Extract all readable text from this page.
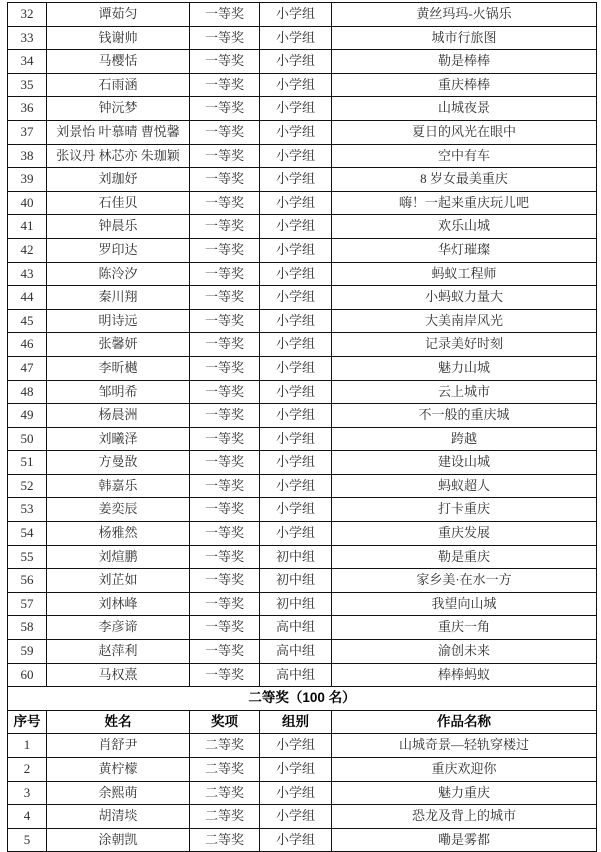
32	谭茹匀	一等奖	小学组	黄丝玛玛-火锅乐
33	钱谢帅	一等奖	小学组	城市行旅图
34	马樱恬	一等奖	小学组	勒是棒棒
35	石雨涵	一等奖	小学组	重庆棒棒
36	钟沅梦	一等奖	小学组	山城夜景
37	刘景怡 叶慕晴 曹悦馨	一等奖	小学组	夏日的风光在眼中
38	张议丹 林芯亦 朱珈颖	一等奖	小学组	空中有车
39	刘珈妤	一等奖	小学组	8 岁女最美重庆
40	石佳贝	一等奖	小学组	嗨！一起来重庆玩儿吧
41	钟晨乐	一等奖	小学组	欢乐山城
42	罗印达	一等奖	小学组	华灯璀璨
43	陈泠汐	一等奖	小学组	蚂蚁工程师
44	秦川翔	一等奖	小学组	小蚂蚁力量大
45	明诗远	一等奖	小学组	大美南岸风光
46	张馨妍	一等奖	小学组	记录美好时刻
47	李昕樾	一等奖	小学组	魅力山城
48	邹明希	一等奖	小学组	云上城市
49	杨晨洲	一等奖	小学组	不一般的重庆城
50	刘曦泽	一等奖	小学组	跨越
51	方曼敔	一等奖	小学组	建设山城
52	韩嘉乐	一等奖	小学组	蚂蚁超人
53	姜奕辰	一等奖	小学组	打卡重庆
54	杨雅然	一等奖	小学组	重庆发展
55	刘煊鹏	一等奖	初中组	勒是重庆
56	刘芷如	一等奖	初中组	家乡美·在水一方
57	刘林峰	一等奖	初中组	我望向山城
58	李彦谛	一等奖	高中组	重庆一角
59	赵萍利	一等奖	高中组	渝创未来
60	马权熹	一等奖	高中组	棒棒蚂蚁
二等奖（100 名）				
序号	姓名	奖项	组别	作品名称
1	肖舒尹	二等奖	小学组	山城奇景—轻轨穿楼过
2	黄柠檬	二等奖	小学组	重庆欢迎你
3	余熙萌	二等奖	小学组	魅力重庆
4	胡清埮	二等奖	小学组	恐龙及背上的城市
5	涂朝凯	二等奖	小学组	嘞是雾都
